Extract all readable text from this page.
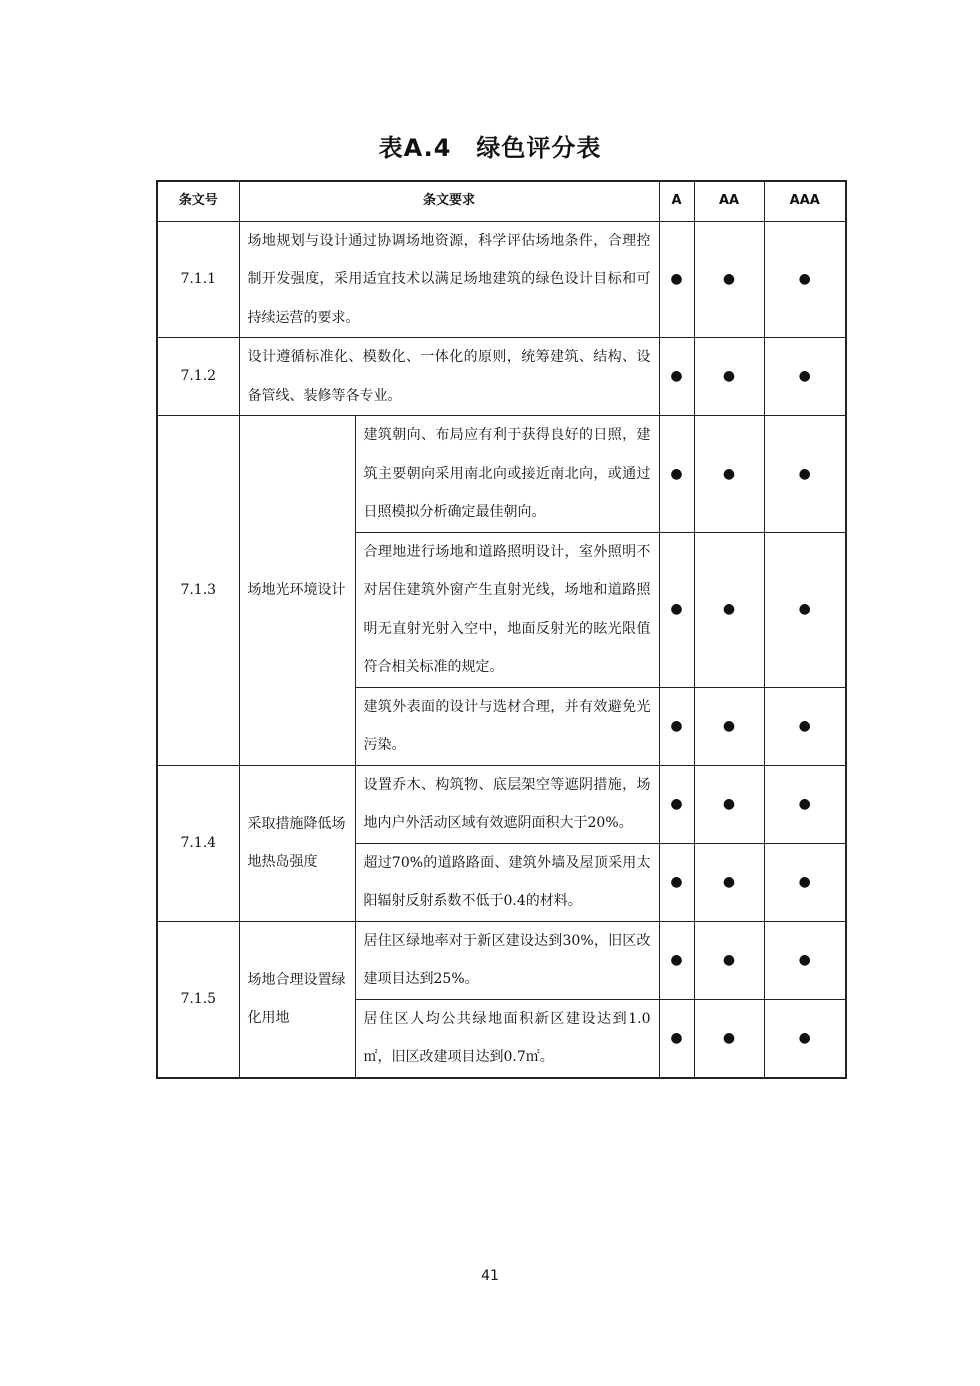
表A.4　绿色评分表
条文号	条文要求		A	AA	AAA
7.1.1	场地规划与设计通过协调场地资源，科学评估场地条件，合理控制开发强度，采用适宜技术以满足场地建筑的绿色设计目标和可持续运营的要求。		●	●	●
7.1.2	设计遵循标准化、模数化、一体化的原则，统筹建筑、结构、设备管线、装修等各专业。		●	●	●
7.1.3	场地光环境设计	建筑朝向、布局应有利于获得良好的日照，建筑主要朝向采用南北向或接近南北向，或通过日照模拟分析确定最佳朝向。	●	●	●
		合理地进行场地和道路照明设计，室外照明不对居住建筑外窗产生直射光线，场地和道路照明无直射光射入空中，地面反射光的眩光限值符合相关标准的规定。	●	●	●
		建筑外表面的设计与选材合理，并有效避免光污染。	●	●	●
7.1.4	采取措施降低场地热岛强度	设置乔木、构筑物、底层架空等遮阴措施，场地内户外活动区域有效遮阴面积大于20%。	●	●	●
		超过70%的道路路面、建筑外墙及屋顶采用太阳辐射反射系数不低于0.4的材料。	●	●	●
7.1.5	场地合理设置绿化用地	居住区绿地率对于新区建设达到30%，旧区改建项目达到25%。	●	●	●
		居住区人均公共绿地面积新区建设达到1.0㎡，旧区改建项目达到0.7㎡。	●	●	●
41
